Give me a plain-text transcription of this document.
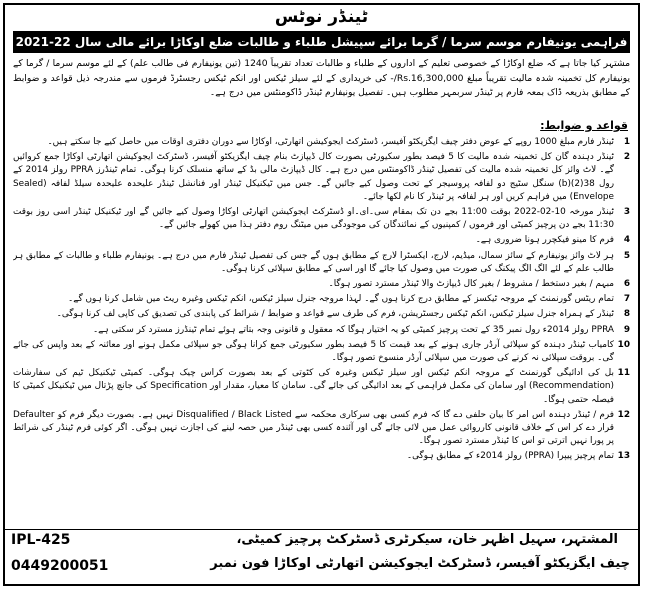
ٹینڈر نوٹس
فراہمی یونیفارم موسم سرما / گرما برائے سپیشل طلباء و طالبات ضلع اوکاڑا برائے مالی سال 22-2021
مشتہر کیا جاتا ہے کہ ضلع اوکاڑا کے خصوصی تعلیم کے اداروں کے طلباء و طالبات تعداد تقریباً 1240 (تین یونیفارم فی طالب علم) کے لئے موسم سرما / گرما کے یونیفارم کل تخمینہ شدہ مالیت تقریباً مبلغ Rs.16,300,000/- کی خریداری کے لئے سیلز ٹیکس اور انکم ٹیکس رجسٹرڈ فرموں سے مندرجہ ذیل قواعد و ضوابط کے مطابق بذریعہ ڈاک بمعہ فارم پر ٹینڈر سربمہر مطلوب ہیں۔ تفصیل یونیفارم ٹینڈر ڈاکومنٹس میں درج ہے۔
قواعد و ضوابط:
1
ٹینڈر فارم مبلغ 1000 روپے کے عوض دفتر چیف ایگزیکٹو آفیسر، ڈسٹرکٹ ایجوکیشن اتھارٹی، اوکاڑا سے دوران دفتری اوقات میں حاصل کیے جا سکتے ہیں۔
2
ٹینڈر دہندہ گان کل تخمینہ شدہ مالیت کا 5 فیصد بطور سکیورٹی بصورت کال ڈیپازٹ بنام چیف ایگزیکٹو آفیسر، ڈسٹرکٹ ایجوکیشن اتھارٹی اوکاڑا جمع کروائیں گے۔ لاٹ وائز کل تخمینہ شدہ مالیت کی تفصیل ٹینڈر ڈاکومنٹس میں درج ہے۔ کال ڈیپازٹ مالی بڈ کے ساتھ منسلک کرنا ہوگی۔ تمام ٹینڈرز PPRA رولز 2014 کے رول 38(2)(b) سنگل سٹیج دو لفافہ پروسیجر کے تحت وصول کیے جائیں گے۔ جس میں ٹیکنیکل ٹینڈر اور فنانشل ٹینڈر علیحدہ علیحدہ سیلڈ لفافہ (Sealed Envelope) میں فراہم کریں اور ہر لفافہ پر ٹینڈر کا نام لکھا جائے۔
3
ٹینڈر مورخہ 10-02-2022 بوقت 11:00 بجے دن تک بمقام سی۔ای۔او ڈسٹرکٹ ایجوکیشن اتھارٹی اوکاڑا وصول کیے جائیں گے اور ٹیکنیکل ٹینڈر اسی روز بوقت 11:30 بجے دن پرچیز کمیٹی اور فرموں / کمپنیوں کے نمائندگان کی موجودگی میں میٹنگ روم دفتر ہذا میں کھولے جائیں گے۔
4
فرم کا مینو فیکچرر ہونا ضروری ہے۔
5
ہر لاٹ وائز یونیفارم کے سائز سمال، میڈیم، لارج، ایکسٹرا لارج کے مطابق ہوں گے جس کی تفصیل ٹینڈر فارم میں درج ہے۔ یونیفارم طلباء و طالبات کے مطابق ہر طالب علم کے لئے الگ الگ پیکنگ کی صورت میں وصول کیا جائے گا اور اسی کے مطابق سپلائی کرنا ہوگی۔
6
مبہم / بغیر دستخط / مشروط / بغیر کال ڈیپازٹ والا ٹینڈر مسترد تصور ہوگا۔
7
تمام ریٹس گورنمنٹ کے مروجہ ٹیکسز کے مطابق درج کرنا ہوں گے۔ لہذا مروجہ جنرل سیلز ٹیکس، انکم ٹیکس وغیرہ ریٹ میں شامل کرنا ہوں گے۔
8
ٹینڈر کے ہمراہ جنرل سیلز ٹیکس، انکم ٹیکس رجسٹریشن، فرم کی طرف سے قواعد و ضوابط / شرائط کی پابندی کی تصدیق کی کاپی لف کرنا ہوگی۔
9
PPRA رولز 2014ء رول نمبر 35 کے تحت پرچیز کمیٹی کو یہ اختیار ہوگا کہ معقول و قانونی وجہ بتاتے ہوئے تمام ٹینڈرز مسترد کر سکتی ہے۔
10
کامیاب ٹینڈر دہندہ کو سپلائی آرڈر جاری ہونے کے بعد قیمت کا 5 فیصد بطور سکیورٹی جمع کرانا ہوگی جو سپلائی مکمل ہونے اور معائنہ کے بعد واپس کی جائے گی۔ بروقت سپلائی نہ کرنے کی صورت میں سپلائی آرڈر منسوخ تصور ہوگا۔
11
بل کی ادائیگی گورنمنٹ کے مروجہ انکم ٹیکس اور سیلز ٹیکس وغیرہ کی کٹوتی کے بعد بصورت کراس چیک ہوگی۔ کمیٹی ٹیکنیکل ٹیم کی سفارشات (Recommendation) اور سامان کی مکمل فراہمی کے بعد ادائیگی کی جائے گی۔ سامان کا معیار، مقدار اور Specification کی جانچ پڑتال میں ٹیکنیکل کمیٹی کا فیصلہ حتمی ہوگا۔
12
فرم / ٹینڈر دہندہ اس امر کا بیان حلفی دے گا کہ فرم کسی بھی سرکاری محکمہ سے Disqualified / Black Listed نہیں ہے۔ بصورت دیگر فرم کو Defaulter قرار دے کر اس کے خلاف قانونی کارروائی عمل میں لائی جائے گی اور آئندہ کسی بھی ٹینڈر میں حصہ لینے کی اجازت نہیں ہوگی۔ اگر کوئی فرم ٹینڈر کی شرائط پر پورا نہیں اترتی تو اس کا ٹینڈر مسترد تصور ہوگا۔
13
تمام پرچیز پیپرا (PPRA) رولز 2014ء کے مطابق ہوگی۔
IPL-425	المشتہر، سہیل اظہر خان، سیکرٹری ڈسٹرکٹ پرچیز کمیٹی،
چیف ایگزیکٹو آفیسر، ڈسٹرکٹ ایجوکیشن اتھارٹی اوکاڑا فون نمبر
0449200051
